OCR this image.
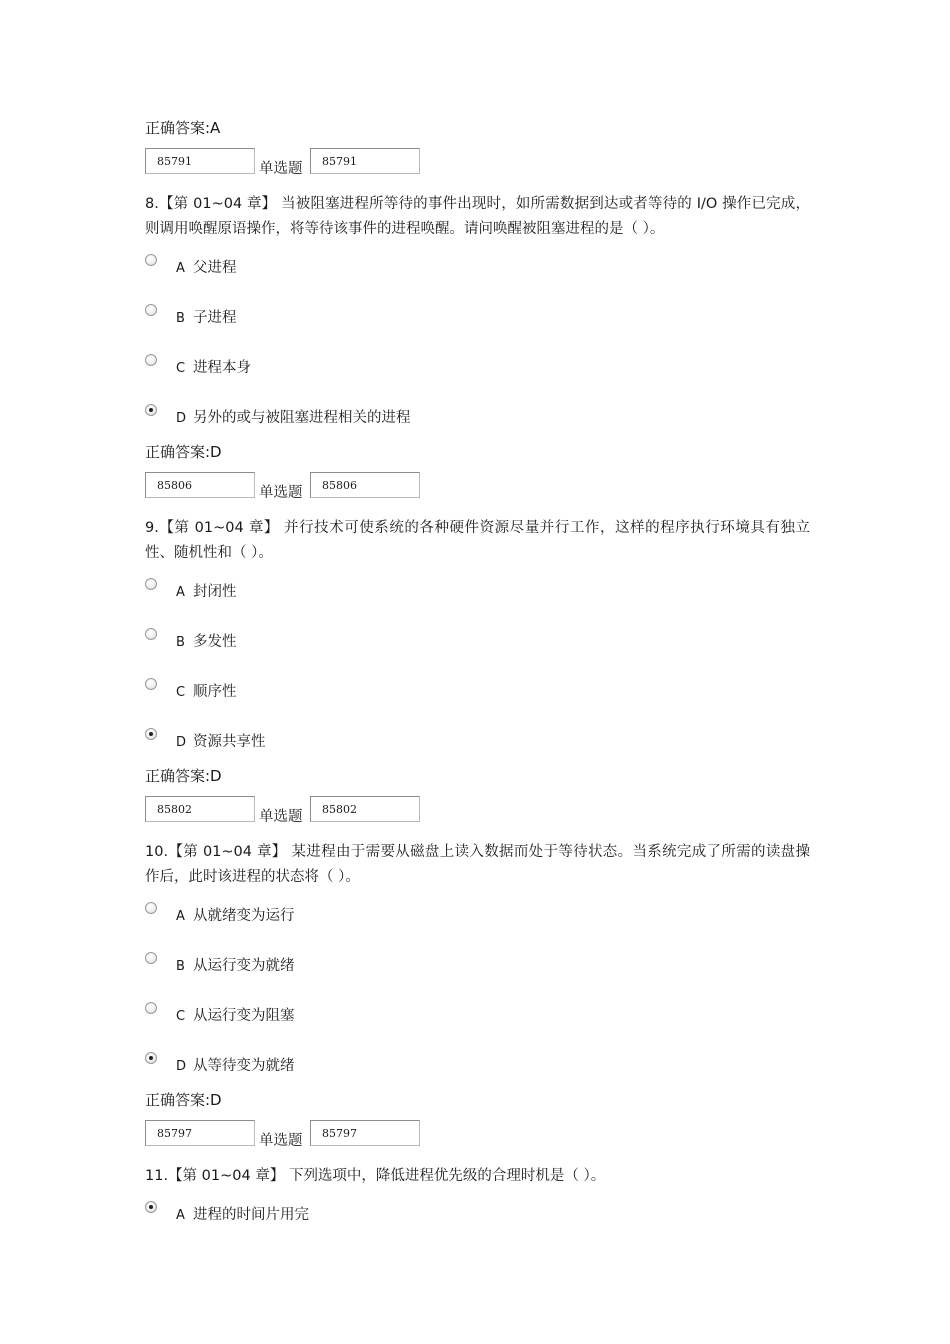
正确答案:A
85791	单选题	85791
8.【第 01~04 章】 当被阻塞进程所等待的事件出现时，如所需数据到达或者等待的 I/O 操作已完成，则调用唤醒原语操作，将等待该事件的进程唤醒。请问唤醒被阻塞进程的是（ ）。
A 父进程
B 子进程
C 进程本身
D 另外的或与被阻塞进程相关的进程
正确答案:D
85806	单选题	85806
9.【第 01~04 章】 并行技术可使系统的各种硬件资源尽量并行工作，这样的程序执行环境具有独立性、随机性和（ ）。
A 封闭性
B 多发性
C 顺序性
D 资源共享性
正确答案:D
85802	单选题	85802
10.【第 01~04 章】 某进程由于需要从磁盘上读入数据而处于等待状态。当系统完成了所需的读盘操作后，此时该进程的状态将（ ）。
A 从就绪变为运行
B 从运行变为就绪
C 从运行变为阻塞
D 从等待变为就绪
正确答案:D
85797	单选题	85797
11.【第 01~04 章】 下列选项中，降低进程优先级的合理时机是（ ）。
A 进程的时间片用完
